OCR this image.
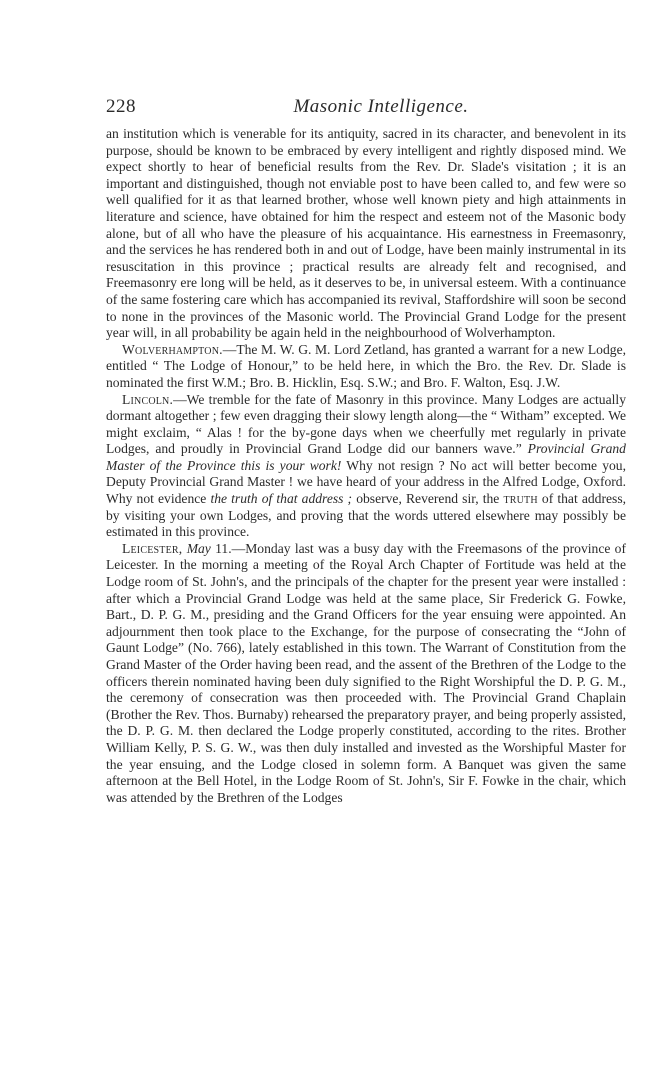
228	Masonic Intelligence.

an institution which is venerable for its antiquity, sacred in its character, and benevolent in its purpose, should be known to be embraced by every intelligent and rightly disposed mind. We expect shortly to hear of beneficial results from the Rev. Dr. Slade's visitation ; it is an important and distinguished, though not enviable post to have been called to, and few were so well qualified for it as that learned brother, whose well known piety and high attainments in literature and science, have obtained for him the respect and esteem not of the Masonic body alone, but of all who have the pleasure of his acquaintance. His earnestness in Freemasonry, and the services he has rendered both in and out of Lodge, have been mainly instrumental in its resuscitation in this province ; practical results are already felt and recognised, and Freemasonry ere long will be held, as it deserves to be, in universal esteem. With a continuance of the same fostering care which has accompanied its revival, Staffordshire will soon be second to none in the provinces of the Masonic world. The Provincial Grand Lodge for the present year will, in all probability be again held in the neighbourhood of Wolverhampton.

Wolverhampton.—The M. W. G. M. Lord Zetland, has granted a warrant for a new Lodge, entitled “ The Lodge of Honour,” to be held here, in which the Bro. the Rev. Dr. Slade is nominated the first W.M.; Bro. B. Hicklin, Esq. S.W.; and Bro. F. Walton, Esq. J.W.

Lincoln.—We tremble for the fate of Masonry in this province. Many Lodges are actually dormant altogether ; few even dragging their slowy length along—the “ Witham” excepted. We might exclaim, “ Alas ! for the by-gone days when we cheerfully met regularly in private Lodges, and proudly in Provincial Grand Lodge did our banners wave.” Provincial Grand Master of the Province this is your work! Why not resign ? No act will better become you, Deputy Provincial Grand Master ! we have heard of your address in the Alfred Lodge, Oxford. Why not evidence the truth of that address ; observe, Reverend sir, the truth of that address, by visiting your own Lodges, and proving that the words uttered elsewhere may possibly be estimated in this province.

Leicester, May 11.—Monday last was a busy day with the Freemasons of the province of Leicester. In the morning a meeting of the Royal Arch Chapter of Fortitude was held at the Lodge room of St. John's, and the principals of the chapter for the present year were installed : after which a Provincial Grand Lodge was held at the same place, Sir Frederick G. Fowke, Bart., D. P. G. M., presiding and the Grand Officers for the year ensuing were appointed. An adjournment then took place to the Exchange, for the purpose of consecrating the “John of Gaunt Lodge” (No. 766), lately established in this town. The Warrant of Constitution from the Grand Master of the Order having been read, and the assent of the Brethren of the Lodge to the officers therein nominated having been duly signified to the Right Worshipful the D. P. G. M., the ceremony of consecration was then proceeded with. The Provincial Grand Chaplain (Brother the Rev. Thos. Burnaby) rehearsed the preparatory prayer, and being properly assisted, the D. P. G. M. then declared the Lodge properly constituted, according to the rites. Brother William Kelly, P. S. G. W., was then duly installed and invested as the Worshipful Master for the year ensuing, and the Lodge closed in solemn form. A Banquet was given the same afternoon at the Bell Hotel, in the Lodge Room of St. John's, Sir F. Fowke in the chair, which was attended by the Brethren of the Lodges
